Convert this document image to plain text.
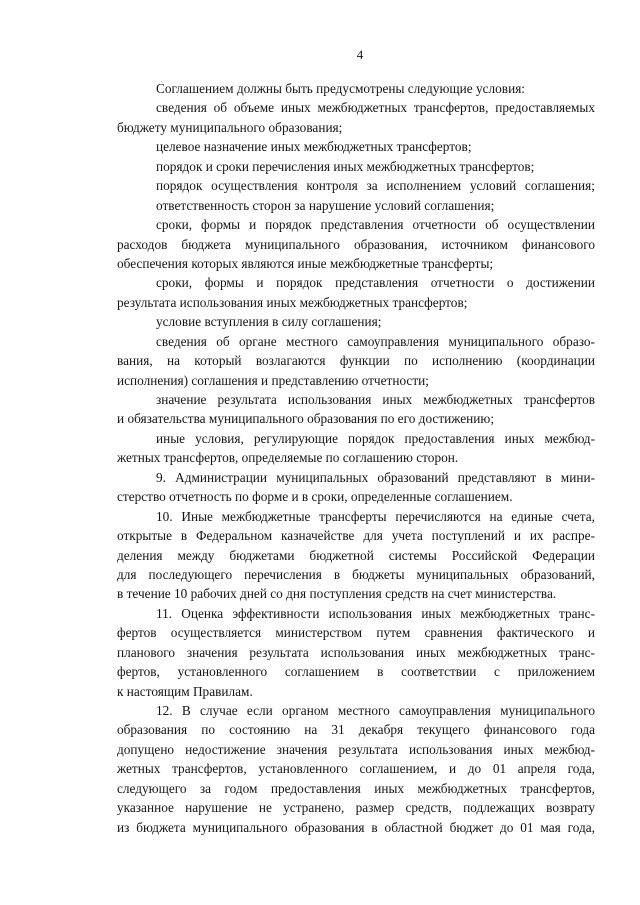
4
Соглашением должны быть предусмотрены следующие условия:
сведения об объеме иных межбюджетных трансфертов, предоставляемых
бюджету муниципального образования;
целевое назначение иных межбюджетных трансфертов;
порядок и сроки перечисления иных межбюджетных трансфертов;
порядок осуществления контроля за исполнением условий соглашения;
ответственность сторон за нарушение условий соглашения;
сроки, формы и порядок представления отчетности об осуществлении
расходов бюджета муниципального образования, источником финансового
обеспечения которых являются иные межбюджетные трансферты;
сроки, формы и порядок представления отчетности о достижении
результата использования иных межбюджетных трансфертов;
условие вступления в силу соглашения;
сведения об органе местного самоуправления муниципального образо-
вания, на который возлагаются функции по исполнению (координации
исполнения) соглашения и представлению отчетности;
значение результата использования иных межбюджетных трансфертов
и обязательства муниципального образования по его достижению;
иные условия, регулирующие порядок предоставления иных межбюд-
жетных трансфертов, определяемые по соглашению сторон.
9. Администрации муниципальных образований представляют в мини-
стерство отчетность по форме и в сроки, определенные соглашением.
10. Иные межбюджетные трансферты перечисляются на единые счета,
открытые в Федеральном казначействе для учета поступлений и их распре-
деления между бюджетами бюджетной системы Российской Федерации
для последующего перечисления в бюджеты муниципальных образований,
в течение 10 рабочих дней со дня поступления средств на счет министерства.
11. Оценка эффективности использования иных межбюджетных транс-
фертов осуществляется министерством путем сравнения фактического и
планового значения результата использования иных межбюджетных транс-
фертов, установленного соглашением в соответствии с приложением
к настоящим Правилам.
12. В случае если органом местного самоуправления муниципального
образования по состоянию на 31 декабря текущего финансового года
допущено недостижение значения результата использования иных межбюд-
жетных трансфертов, установленного соглашением, и до 01 апреля года,
следующего за годом предоставления иных межбюджетных трансфертов,
указанное нарушение не устранено, размер средств, подлежащих возврату
из бюджета муниципального образования в областной бюджет до 01 мая года,
